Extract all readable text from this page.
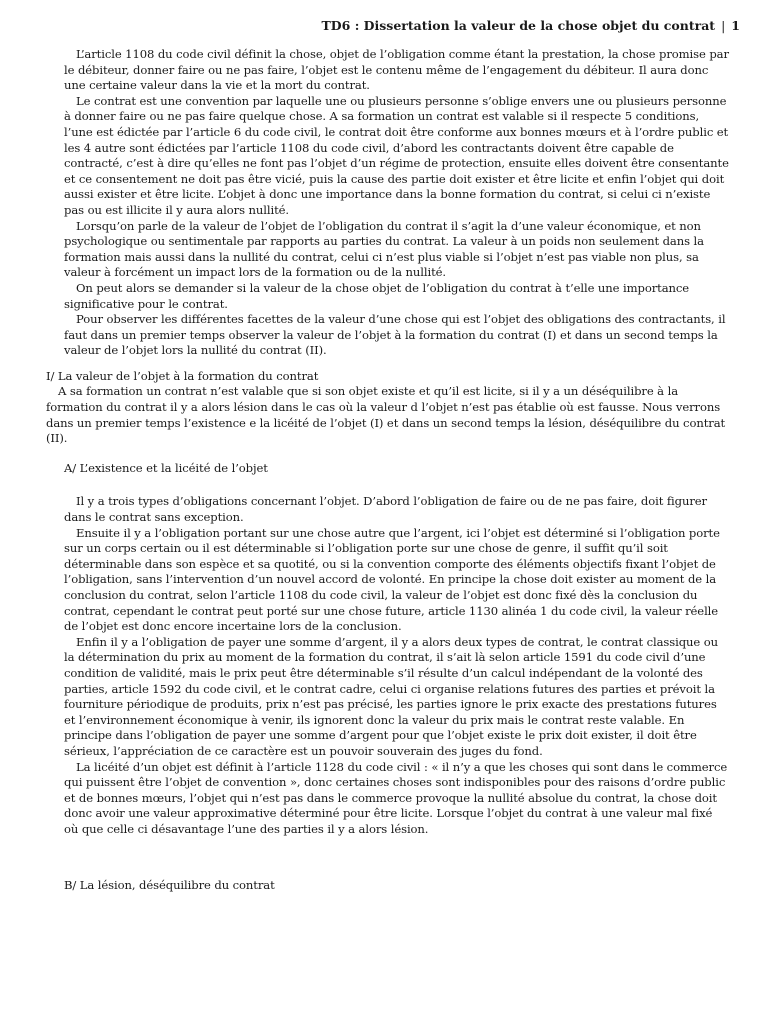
TD6 : Dissertation la valeur de la chose objet du contrat | 1

L’article 1108 du code civil définit la chose, objet de l’obligation comme étant la prestation, la chose promise par le débiteur, donner faire ou ne pas faire, l’objet est le contenu même de l’engagement du débiteur. Il aura donc une certaine valeur dans la vie et la mort du contrat.

Le contrat est une convention par laquelle une ou plusieurs personne s’oblige envers une ou plusieurs personne à donner faire ou ne pas faire quelque chose. A sa formation un contrat est valable si il respecte 5 conditions, l’une est édictée par l’article 6 du code civil, le contrat doit être conforme aux bonnes mœurs et à l’ordre public et les 4 autre sont édictées par l’article 1108 du code civil, d’abord les contractants doivent être capable de contracté, c’est à dire qu’elles ne font pas l’objet d’un régime de protection, ensuite elles doivent être consentante et ce consentement ne doit pas être vicié, puis la cause des partie doit exister et être licite et enfin l’objet qui doit aussi exister et être licite. L’objet à donc une importance dans la bonne formation du contrat, si celui ci n’existe pas ou est illicite il y aura alors nullité.

Lorsqu’on parle de la valeur de l’objet de l’obligation du contrat il s’agit la d’une valeur économique, et non psychologique ou sentimentale par rapports au parties du contrat. La valeur à un poids non seulement dans la formation mais aussi dans la nullité du contrat, celui ci n’est plus viable si l’objet n’est pas viable non plus, sa valeur à forcément un impact lors de la formation ou de la nullité.

On peut alors se demander si la valeur de la chose objet de l’obligation du contrat à t’elle une importance significative pour le contrat.

Pour observer les différentes facettes de la valeur d’une chose qui est l’objet des obligations des contractants, il faut dans un premier temps observer la valeur de l’objet à la formation du contrat (I) et dans un second temps la valeur de l’objet lors la nullité du contrat (II).

I/ La valeur de l’objet à la formation du contrat

A sa formation un contrat n’est valable que si son objet existe et qu’il est licite, si il y a un déséquilibre à la formation du contrat il y a alors lésion dans le cas où la valeur d l’objet n’est pas établie où est fausse. Nous verrons dans un premier temps l’existence e la licéité de l’objet (I) et dans un second temps la lésion, déséquilibre du contrat (II).

A/ L’existence et la licéité de l’objet

Il y a trois types d’obligations concernant l’objet. D’abord l’obligation de faire ou de ne pas faire, doit figurer dans le contrat sans exception.

Ensuite il y a l’obligation portant sur une chose autre que l’argent, ici l’objet est déterminé si l’obligation porte sur un corps certain ou il est déterminable si l’obligation porte sur une chose de genre, il suffit qu’il soit déterminable dans son espèce et sa quotité, ou si la convention comporte des éléments objectifs fixant l’objet de l’obligation, sans l’intervention d’un nouvel accord de volonté. En principe la chose doit exister au moment de la conclusion du contrat, selon l’article 1108 du code civil, la valeur de l’objet est donc fixé dès la conclusion du contrat, cependant le contrat peut porté sur une chose future, article 1130 alinéa 1 du code civil, la valeur réelle de l’objet est donc encore incertaine lors de la conclusion.

Enfin il y a l’obligation de payer une somme d’argent, il y a alors deux types de contrat, le contrat classique ou la détermination du prix au moment de la formation du contrat, il s’ait là selon article 1591 du code civil d’une condition de validité, mais le prix peut être déterminable s’il résulte d’un calcul indépendant de la volonté des parties, article 1592 du code civil, et le contrat cadre, celui ci organise relations futures des parties et prévoit la fourniture périodique de produits, prix n’est pas précisé, les parties ignore le prix exacte des prestations futures et l’environnement économique à venir, ils ignorent donc la valeur du prix mais le contrat reste valable. En principe dans l’obligation de payer une somme d’argent pour que l’objet existe le prix doit exister, il doit être sérieux, l’appréciation de ce caractère est un pouvoir souverain des juges du fond.

La licéité d’un objet est définit à l’article 1128 du code civil : « il n’y a que les choses qui sont dans le commerce qui puissent être l’objet de convention », donc certaines choses sont indisponibles pour des raisons d’ordre public et de bonnes mœurs, l’objet qui n’est pas dans le commerce provoque la nullité absolue du contrat, la chose doit donc avoir une valeur approximative déterminé pour être licite. Lorsque l’objet du contrat à une valeur mal fixé où que celle ci désavantage l’une des parties il y a alors lésion.

B/ La lésion, déséquilibre du contrat
